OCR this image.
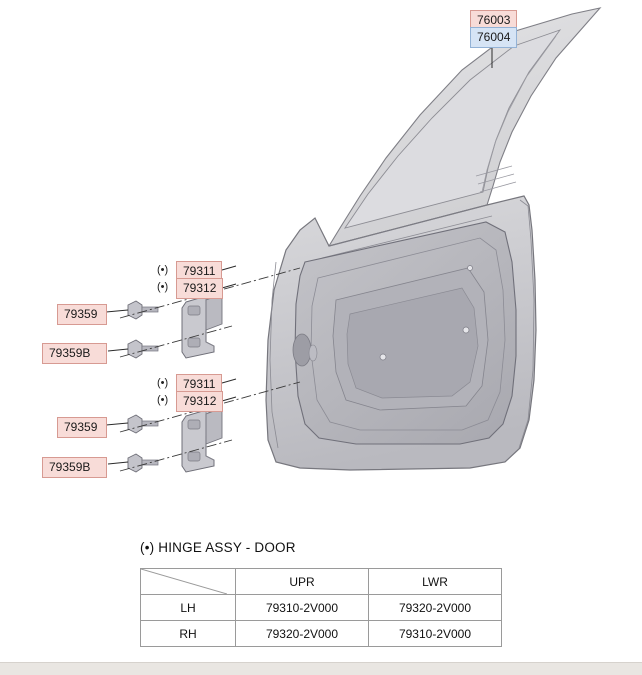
76003
76004
(•)	79311
(•)	79312
79359
79359B
(•)	79311
(•)	79312
79359
79359B
(•) HINGE ASSY - DOOR
	UPR	LWR
LH	79310-2V000	79320-2V000
RH	79320-2V000	79310-2V000
